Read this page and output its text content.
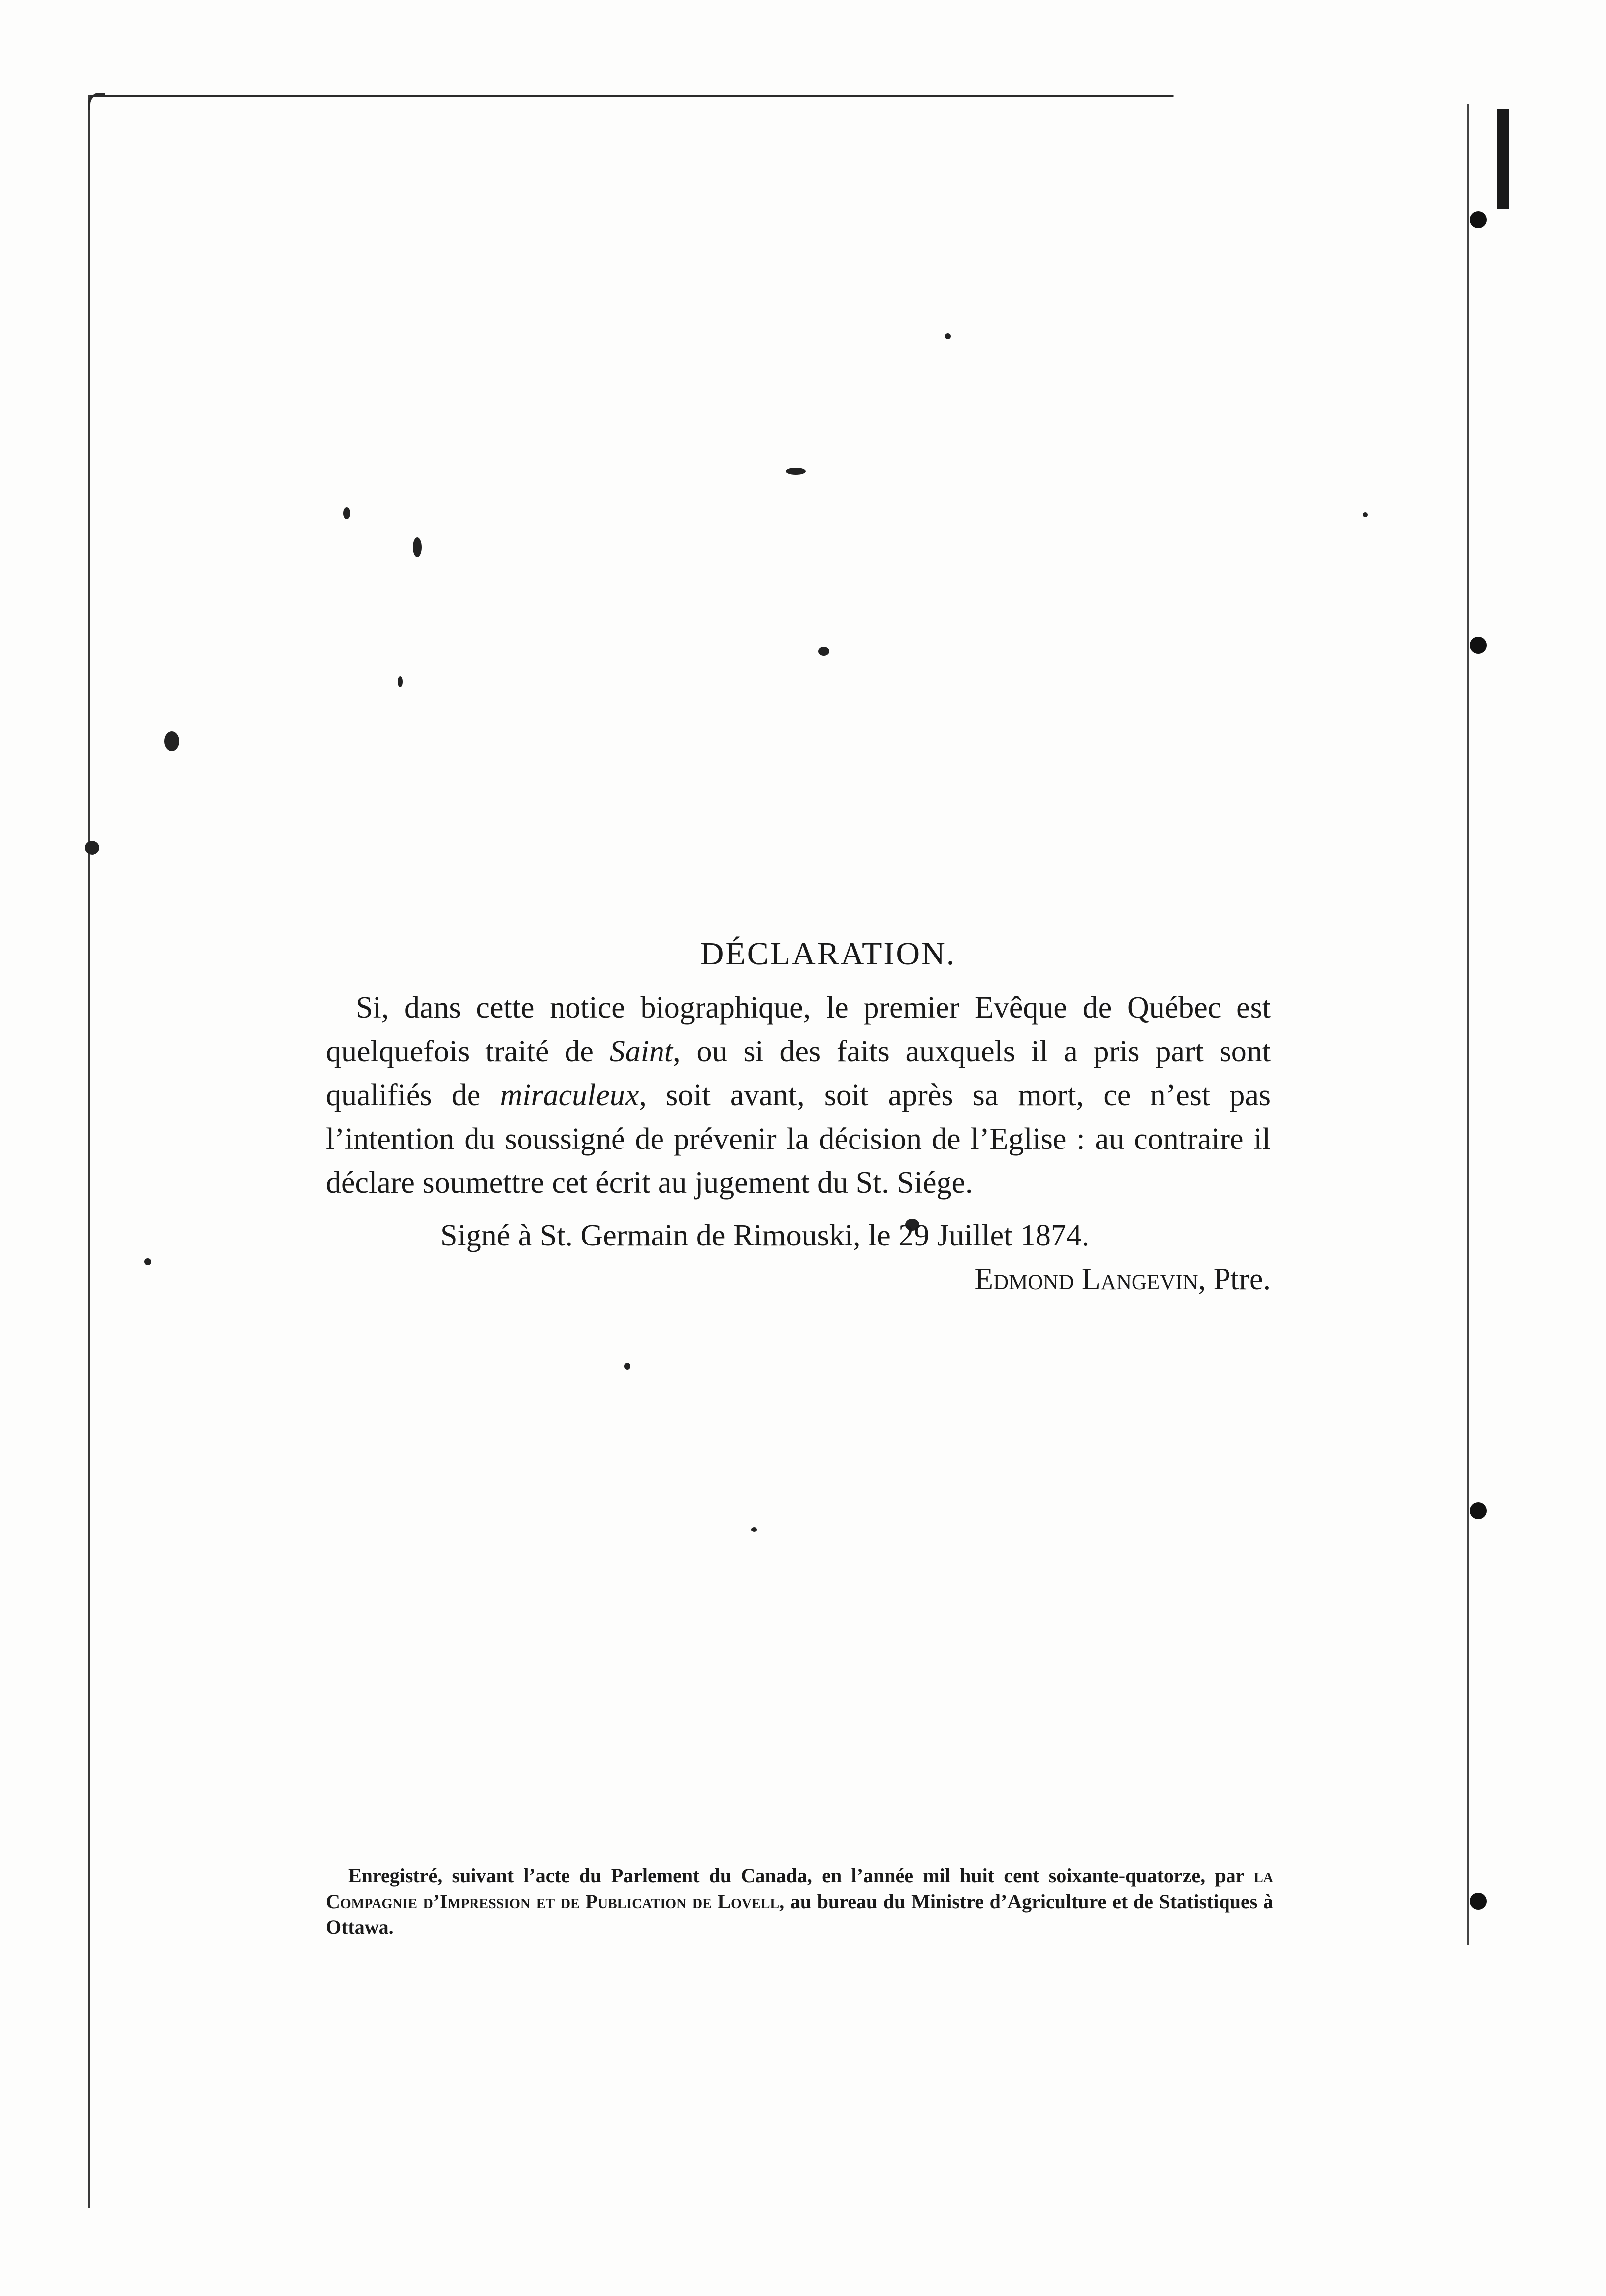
DÉCLARATION.

Si, dans cette notice biographique, le premier Evêque de Québec est quelquefois traité de Saint, ou si des faits auxquels il a pris part sont qualifiés de miraculeux, soit avant, soit après sa mort, ce n’est pas l’intention du soussigné de prévenir la décision de l’Eglise : au contraire il déclare soumettre cet écrit au jugement du St. Siége.

Signé à St. Germain de Rimouski, le 29 Juillet 1874.

Edmond Langevin, Ptre.

Enregistré, suivant l’acte du Parlement du Canada, en l’année mil huit cent soixante-quatorze, par la Compagnie d’Impression et de Publication de Lovell, au bureau du Ministre d’Agriculture et de Statistiques à Ottawa.
